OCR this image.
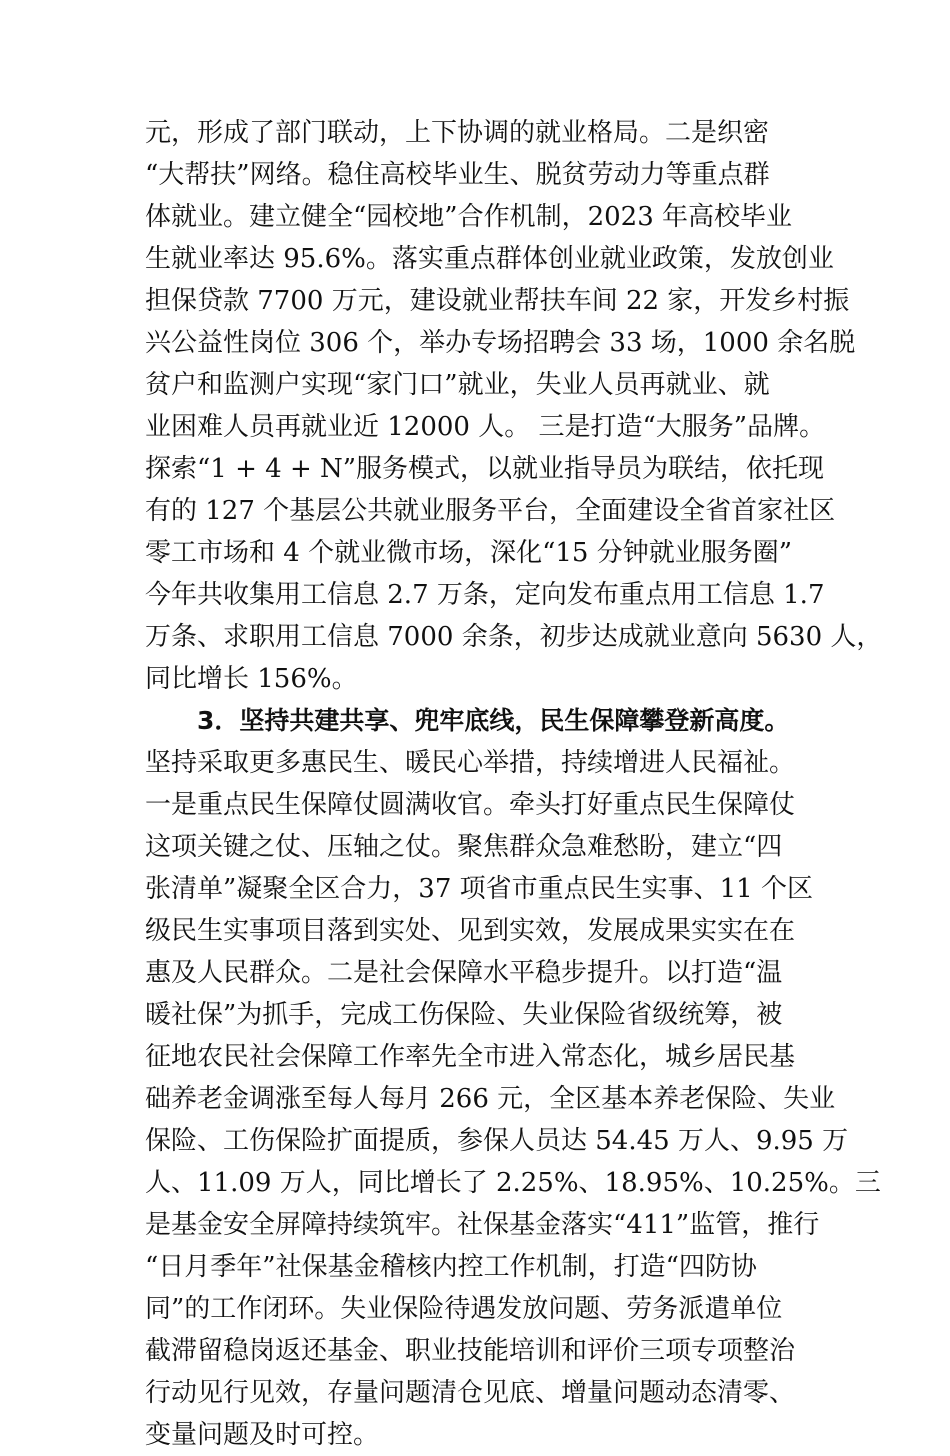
元，形成了部门联动，上下协调的就业格局。二是织密
“大帮扶”网络。稳住高校毕业生、脱贫劳动力等重点群
体就业。建立健全“园校地”合作机制，2023 年高校毕业
生就业率达 95.6%。落实重点群体创业就业政策，发放创业
担保贷款 7700 万元，建设就业帮扶车间 22 家，开发乡村振
兴公益性岗位 306 个，举办专场招聘会 33 场，1000 余名脱
贫户和监测户实现“家门口”就业，失业人员再就业、就
业困难人员再就业近 12000 人。 三是打造“大服务”品牌。
探索“1 + 4 + N”服务模式，以就业指导员为联结，依托现
有的 127 个基层公共就业服务平台，全面建设全省首家社区
零工市场和 4 个就业微市场，深化“15 分钟就业服务圈”
今年共收集用工信息 2.7 万条，定向发布重点用工信息 1.7
万条、求职用工信息 7000 余条，初步达成就业意向 5630 人，
同比增长 156%。
3．坚持共建共享、兜牢底线，民生保障攀登新高度。
坚持采取更多惠民生、暖民心举措，持续增进人民福祉。
一是重点民生保障仗圆满收官。牵头打好重点民生保障仗
这项关键之仗、压轴之仗。聚焦群众急难愁盼，建立“四
张清单”凝聚全区合力，37 项省市重点民生实事、11 个区
级民生实事项目落到实处、见到实效，发展成果实实在在
惠及人民群众。二是社会保障水平稳步提升。以打造“温
暖社保”为抓手，完成工伤保险、失业保险省级统筹，被
征地农民社会保障工作率先全市进入常态化，城乡居民基
础养老金调涨至每人每月 266 元，全区基本养老保险、失业
保险、工伤保险扩面提质，参保人员达 54.45 万人、9.95 万
人、11.09 万人，同比增长了 2.25%、18.95%、10.25%。三
是基金安全屏障持续筑牢。社保基金落实“411”监管，推行
“日月季年”社保基金稽核内控工作机制，打造“四防协
同”的工作闭环。失业保险待遇发放问题、劳务派遣单位
截滞留稳岗返还基金、职业技能培训和评价三项专项整治
行动见行见效，存量问题清仓见底、增量问题动态清零、
变量问题及时可控。
